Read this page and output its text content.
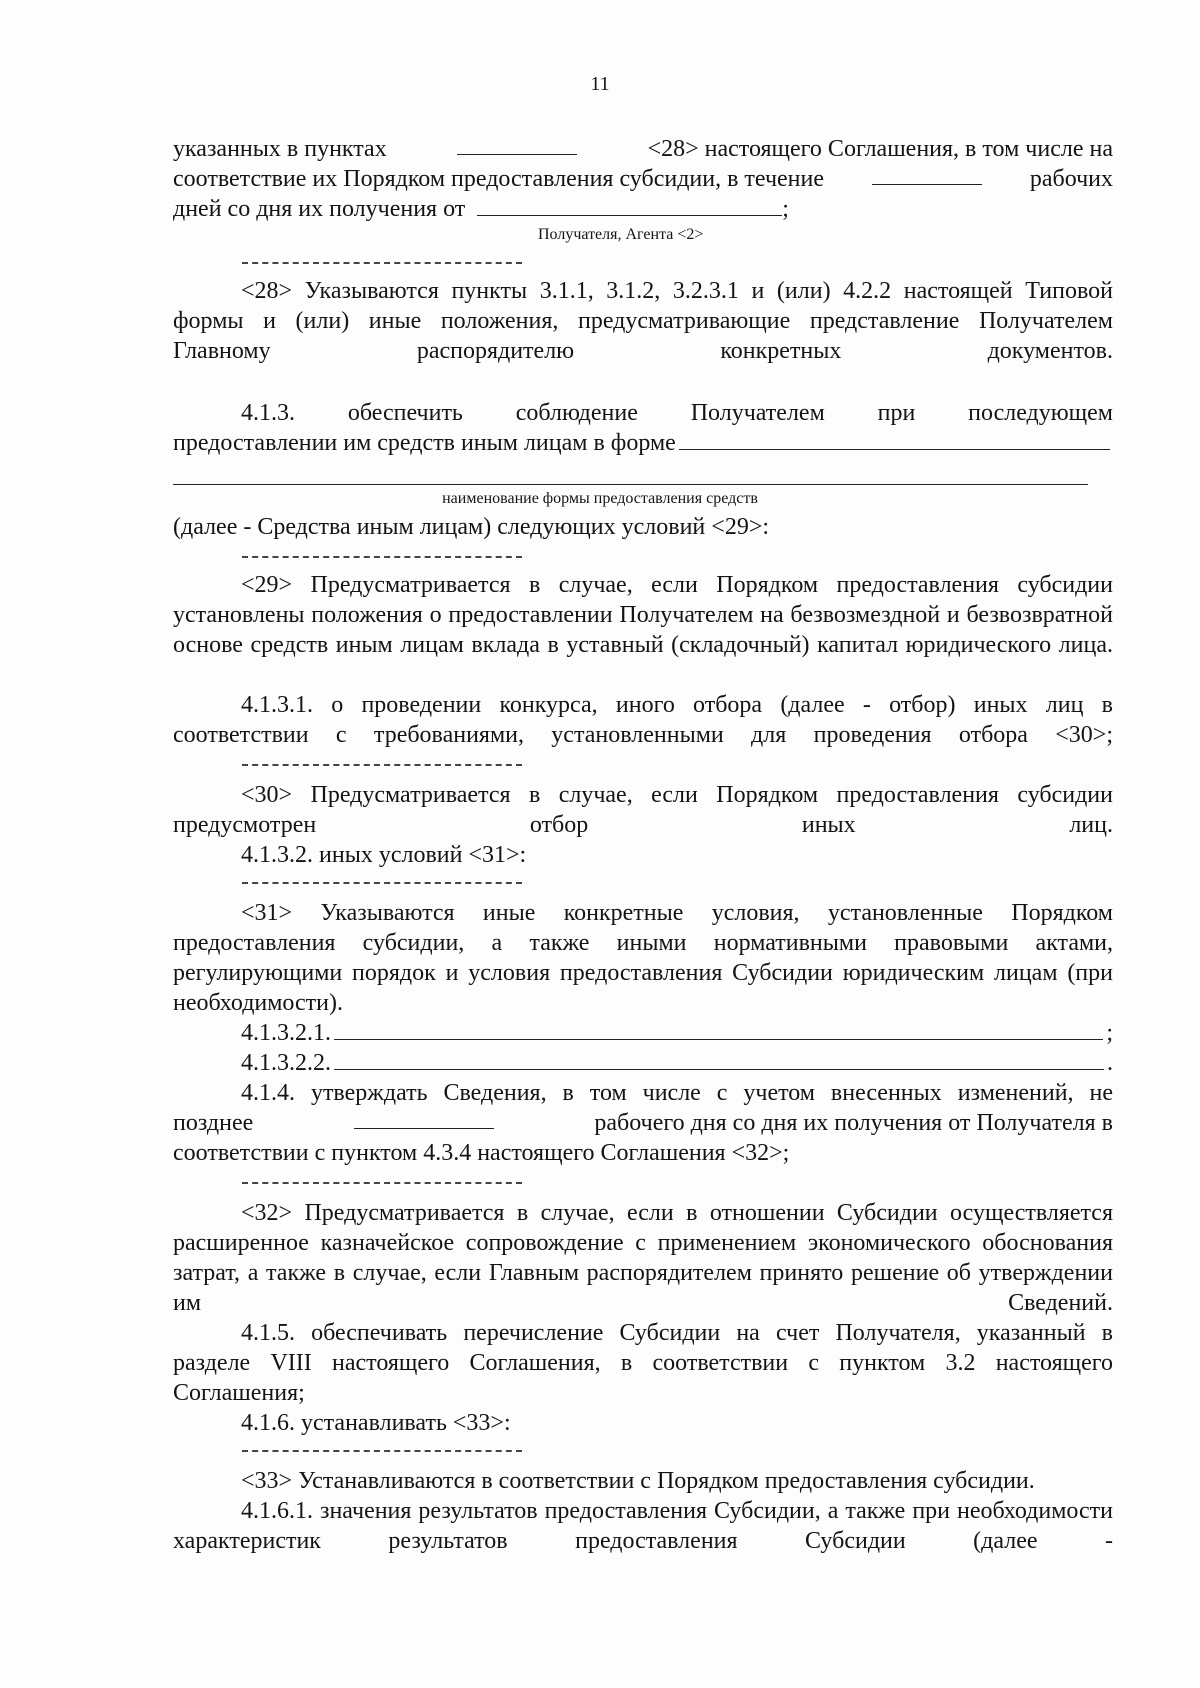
11
указанных в пунктах	<28> настоящего Соглашения, в том числе на
соответствие их Порядком предоставления субсидии, в течение	рабочих
дней со дня их получения от	;
Получателя, Агента <2>
<28> Указываются пункты 3.1.1, 3.1.2, 3.2.3.1 и (или) 4.2.2 настоящей Типовой формы и (или) иные положения, предусматривающие представление Получателем Главному распорядителю конкретных документов.
4.1.3. обеспечить соблюдение Получателем при последующем
предоставлении им средств иным лицам в форме
наименование формы предоставления средств
(далее - Средства иным лицам) следующих условий <29>:
<29> Предусматривается в случае, если Порядком предоставления субсидии установлены положения о предоставлении Получателем на безвозмездной и безвозвратной основе средств иным лицам вклада в уставный (складочный) капитал юридического лица.
4.1.3.1. о проведении конкурса, иного отбора (далее - отбор) иных лиц в соответствии с требованиями, установленными для проведения отбора <30>;
<30> Предусматривается в случае, если Порядком предоставления субсидии предусмотрен отбор иных лиц.
4.1.3.2. иных условий <31>:
<31> Указываются иные конкретные условия, установленные Порядком предоставления субсидии, а также иными нормативными правовыми актами, регулирующими порядок и условия предоставления Субсидии юридическим лицам (при необходимости).
4.1.3.2.1.	;
4.1.3.2.2.	.
4.1.4. утверждать Сведения, в том числе с учетом внесенных изменений, не
позднее	рабочего дня со дня их получения от Получателя в
соответствии с пунктом 4.3.4 настоящего Соглашения <32>;
<32> Предусматривается в случае, если в отношении Субсидии осуществляется расширенное казначейское сопровождение с применением экономического обоснования затрат, а также в случае, если Главным распорядителем принято решение об утверждении им Сведений.
4.1.5. обеспечивать перечисление Субсидии на счет Получателя, указанный в разделе VIII настоящего Соглашения, в соответствии с пунктом 3.2 настоящего Соглашения;
4.1.6. устанавливать <33>:
<33> Устанавливаются в соответствии с Порядком предоставления субсидии.
4.1.6.1. значения результатов предоставления Субсидии, а также при необходимости характеристик результатов предоставления Субсидии (далее -
